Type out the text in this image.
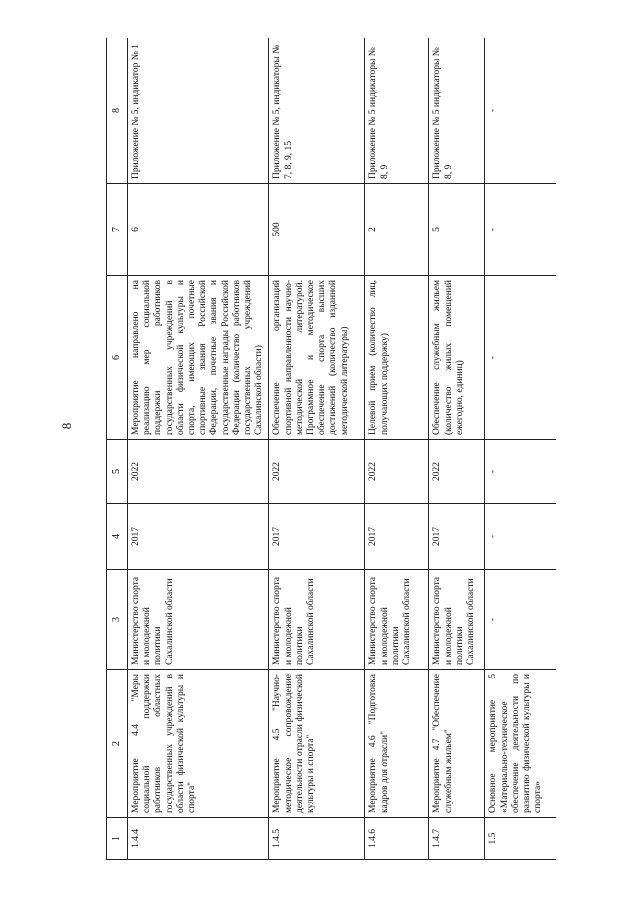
8
1	2	3	4	5	6	7	8
1.4.4	Мероприятие 4.4 "Меры социальной поддержки работников областных государственных учреждений в области физической культуры и спорта"	Министерство спорта и молодежной политики Сахалинской области	2017	2022	Мероприятие направлено на реализацию мер социальной поддержки работников государственных учреждений в области физической культуры и спорта, имеющих почетные спортивные звания Российской Федерации, почетные звания и государственные награды Российской Федерации (количество работников государственных учреждений Сахалинской области)	6	Приложение № 5, индикатор № 1
1.4.5	Мероприятие 4.5 "Научно-методическое сопровождение деятельности отрасли физической культуры и спорта"	Министерство спорта и молодежной политики Сахалинской области	2017	2022	Обеспечение организаций спортивной направленности научно-методической литературой. Программное и методическое обеспечение спорта высших достижений (количество изданной методической литературы)	500	Приложение № 5, индикаторы № 7, 8, 9, 15
1.4.6	Мероприятие 4.6 "Подготовка кадров для отрасли"	Министерство спорта и молодежной политики Сахалинской области	2017	2022	Целевой прием (количество лиц, получающих поддержку)	2	Приложение № 5 индикаторы № 8, 9
1.4.7	Мероприятие 4.7 "Обеспечение служебным жильем"	Министерство спорта и молодежной политики Сахалинской области	2017	2022	Обеспечение служебным жильем (количество жилых помещений ежегодно, единиц)	5	Приложение № 5 индикаторы № 8, 9
1.5	Основное мероприятие 5 «Материально-техническое обеспечение деятельности по развитию физической культуры и спорта»	-	-	-	-	-	-
